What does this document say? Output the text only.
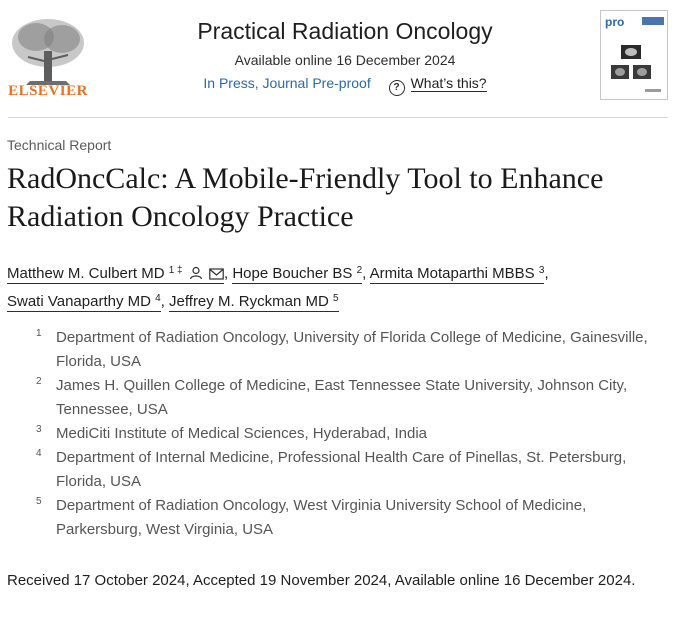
ELSEVIER
Practical Radiation Oncology
Available online 16 December 2024
In Press, Journal Pre-proof ? What’s this?
pro
Technical Report
RadOncCalc: A Mobile-Friendly Tool to Enhance Radiation Oncology Practice
Matthew M. Culbert MD $^{1 \ddagger}$	, Hope Boucher BS $^2$, Armita Motaparthi MBBS $^3$,
Swati Vanaparthy MD $^4$, Jeffrey M. Ryckman MD $^5$
1 Department of Radiation Oncology, University of Florida College of Medicine, Gainesville, Florida, USA
2 James H. Quillen College of Medicine, East Tennessee State University, Johnson City, Tennessee, USA
3 MediCiti Institute of Medical Sciences, Hyderabad, India
4 Department of Internal Medicine, Professional Health Care of Pinellas, St. Petersburg, Florida, USA
5 Department of Radiation Oncology, West Virginia University School of Medicine, Parkersburg, West Virginia, USA
Received 17 October 2024, Accepted 19 November 2024, Available online 16 December 2024.
